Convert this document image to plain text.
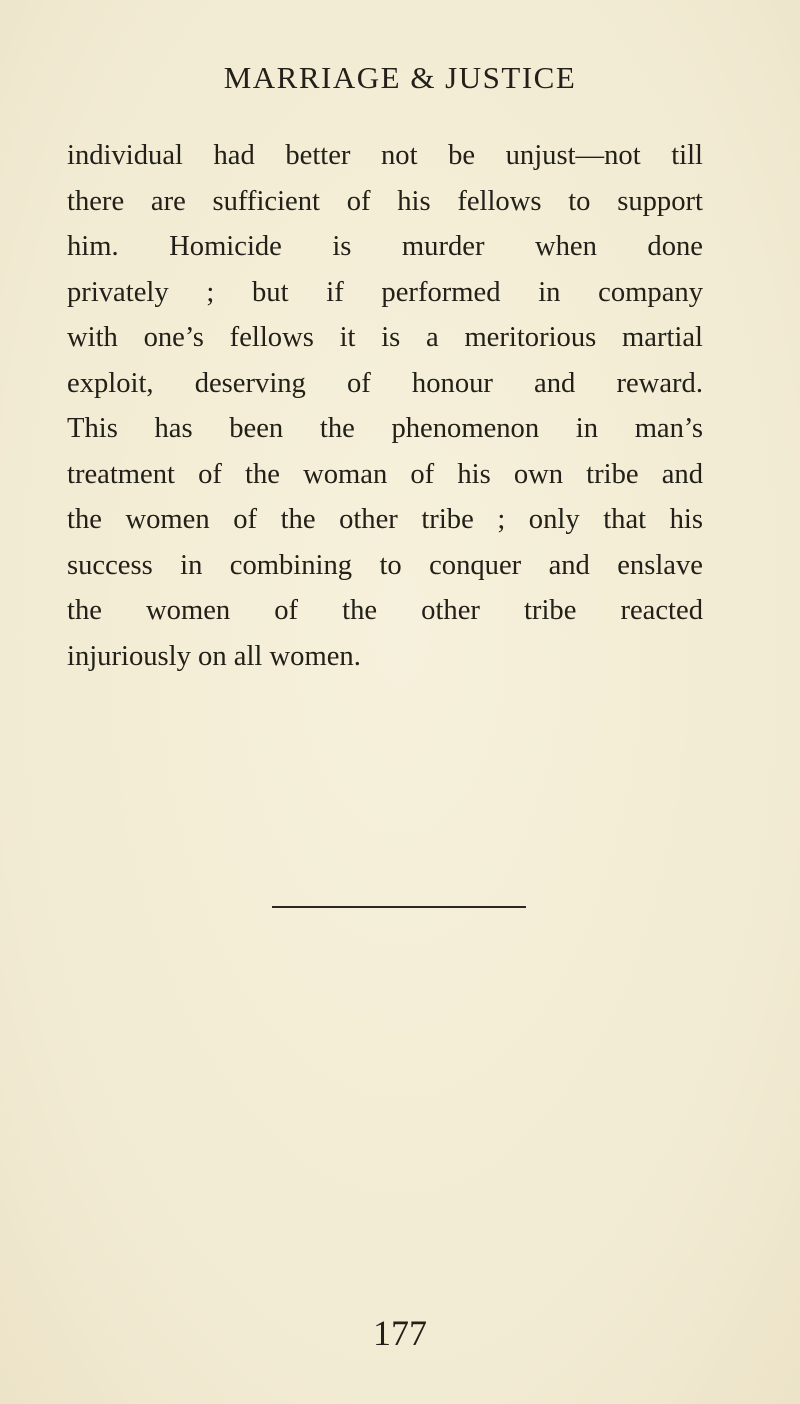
MARRIAGE & JUSTICE
individual had better not be unjust—not till
there are sufficient of his fellows to support
him. Homicide is murder when done
privately ; but if performed in company
with one’s fellows it is a meritorious martial
exploit, deserving of honour and reward.
This has been the phenomenon in man’s
treatment of the woman of his own tribe and
the women of the other tribe ; only that his
success in combining to conquer and enslave
the women of the other tribe reacted
injuriously on all women.
177
